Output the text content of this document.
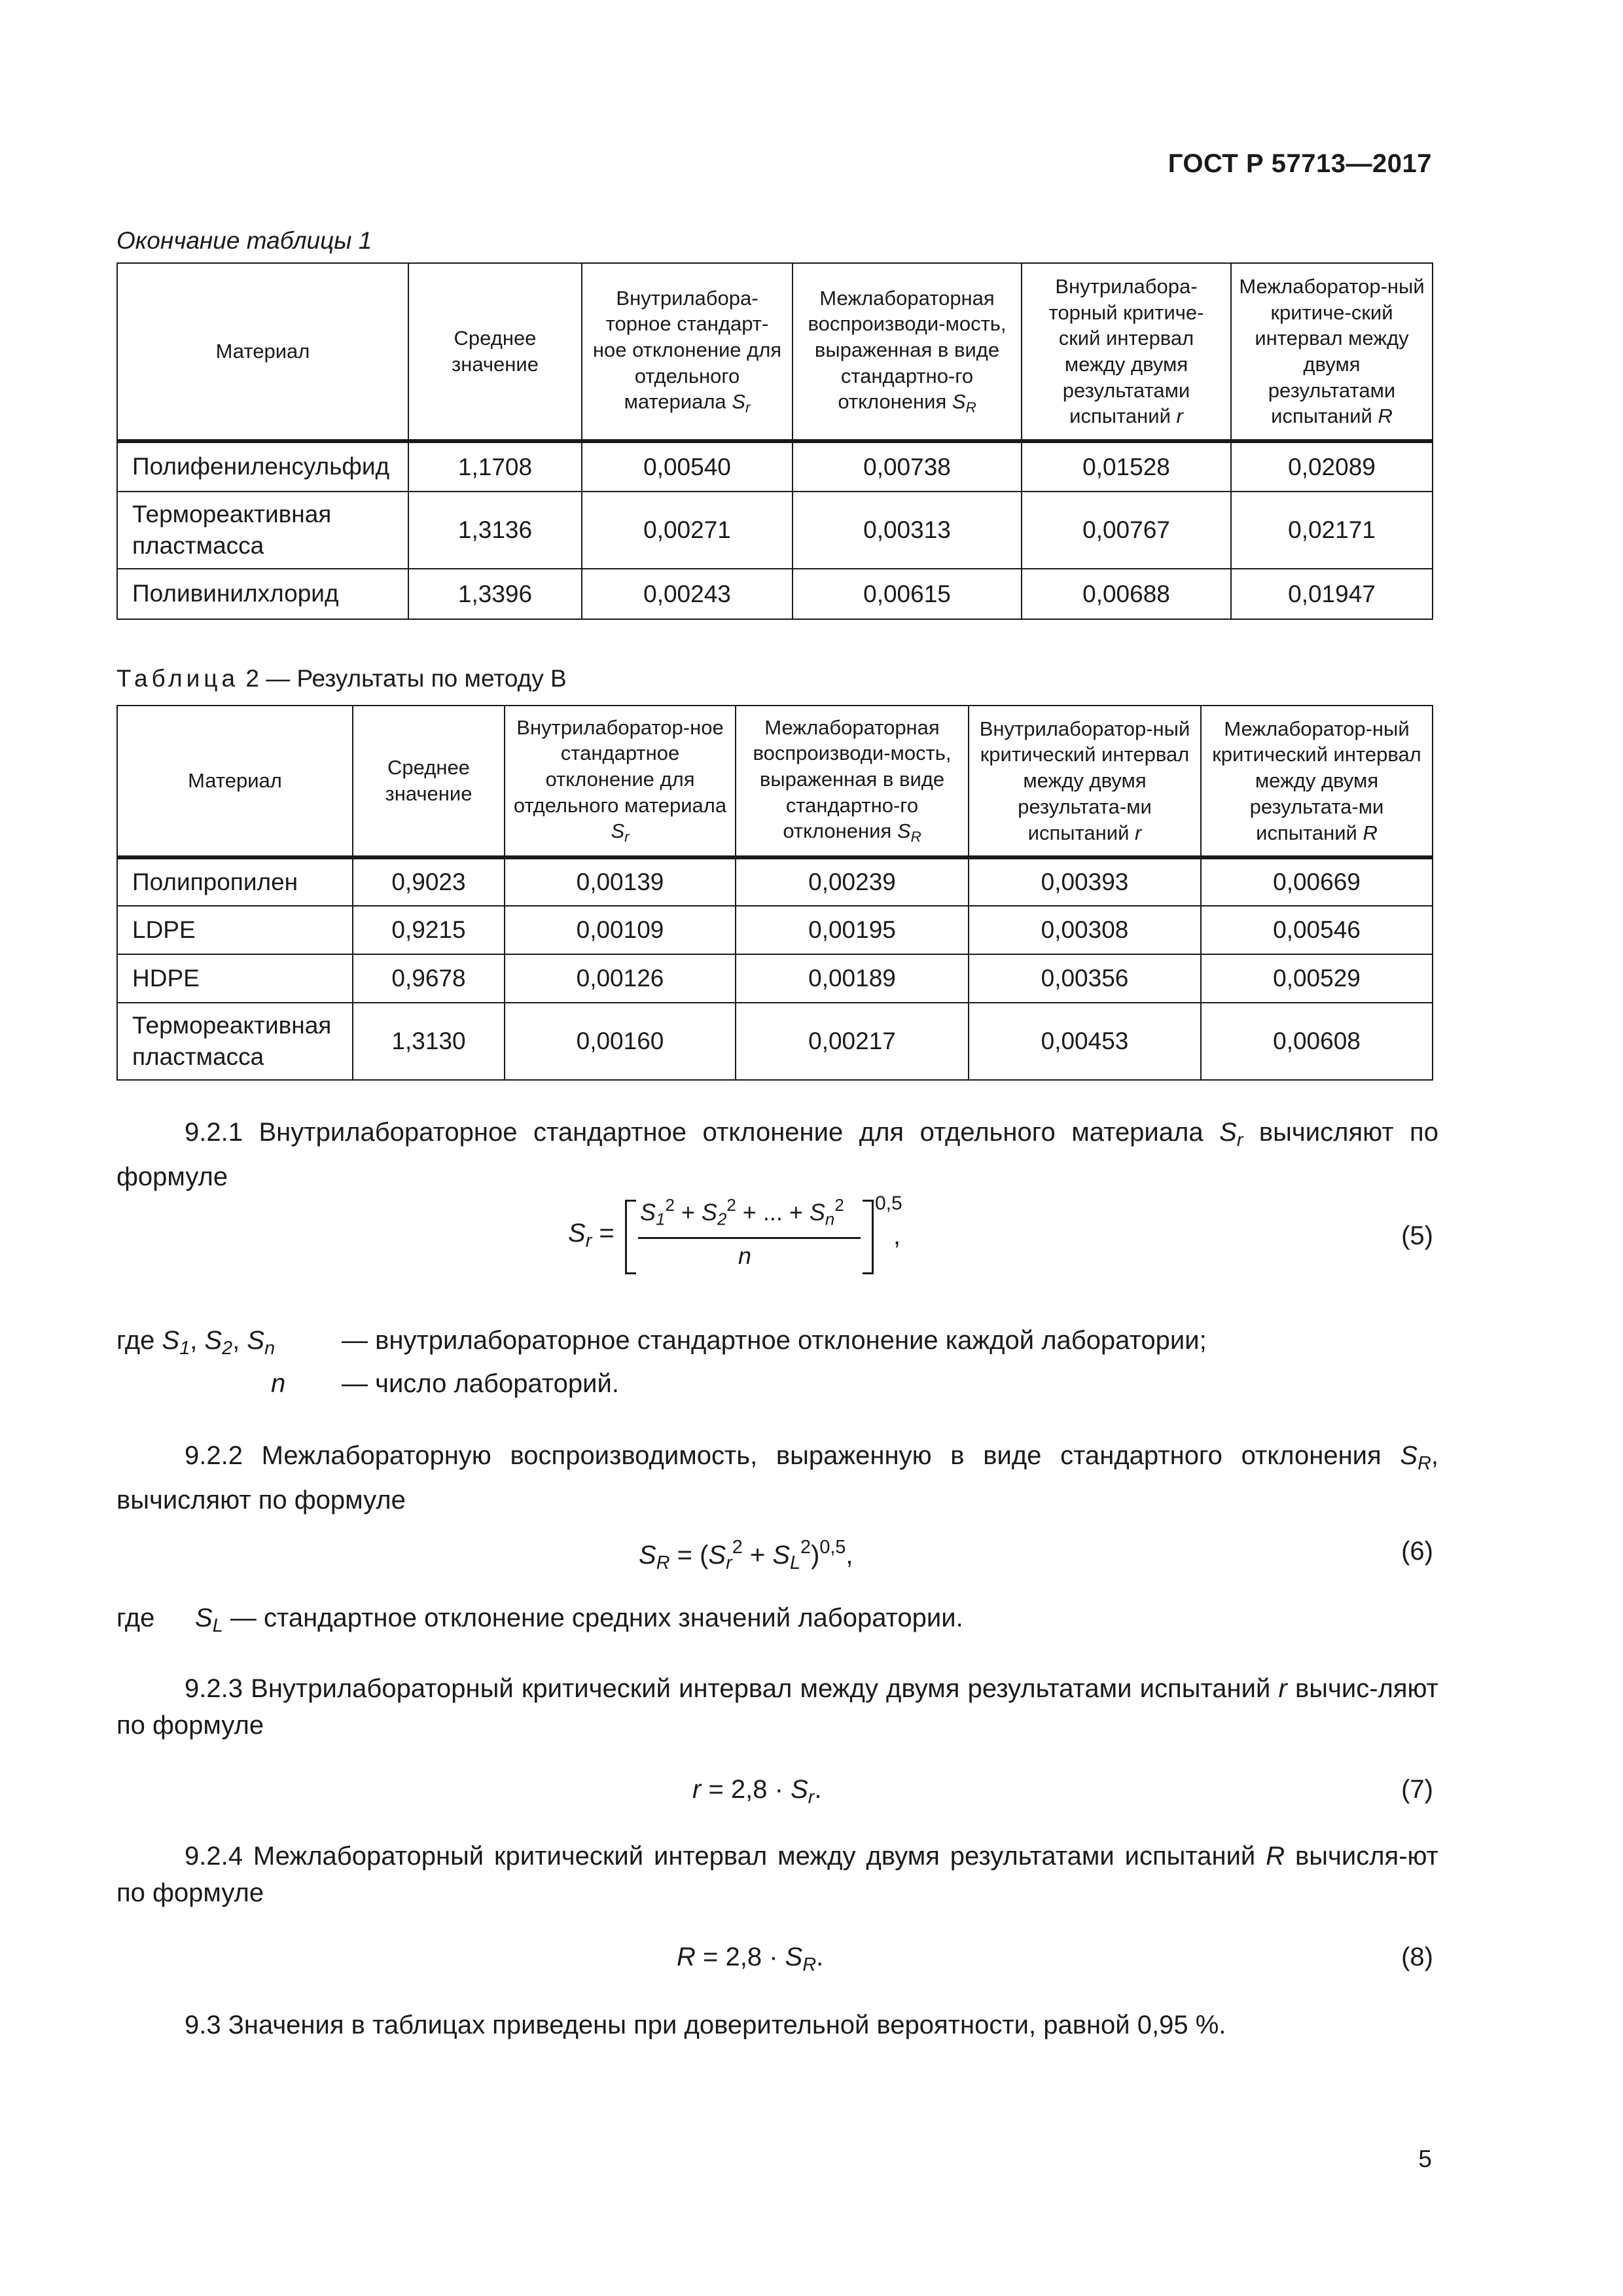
ГОСТ Р 57713—2017
Окончание таблицы 1
Материал	Среднее значение	Внутрилабора-торное стандарт-ное отклонение для отдельного материала $S_r$	Межлабораторная воспроизводи-мость, выраженная в виде стандартно-го отклонения $S_R$	Внутрилабора-торный критиче-ский интервал между двумя результатами испытаний r	Межлаборатор-ный критиче-ский интервал между двумя результатами испытаний R
Полифениленсульфид	1,1708	0,00540	0,00738	0,01528	0,02089
Термореактивная пластмасса	1,3136	0,00271	0,00313	0,00767	0,02171
Поливинилхлорид	1,3396	0,00243	0,00615	0,00688	0,01947
Таблица 2 — Результаты по методу В
Материал	Среднее значение	Внутрилаборатор-ное стандартное отклонение для отдельного материала $S_r$	Межлабораторная воспроизводи-мость, выраженная в виде стандартно-го отклонения $S_R$	Внутрилаборатор-ный критический интервал между двумя результата-ми испытаний r	Межлаборатор-ный критический интервал между двумя результата-ми испытаний R
Полипропилен	0,9023	0,00139	0,00239	0,00393	0,00669
LDPE	0,9215	0,00109	0,00195	0,00308	0,00546
HDPE	0,9678	0,00126	0,00189	0,00356	0,00529
Термореактивная пластмасса	1,3130	0,00160	0,00217	0,00453	0,00608
9.2.1 Внутрилабораторное стандартное отклонение для отдельного материала $S_r$ вычисляют по формуле
$S_r$ =
$S_1^2 + S_2^2$ + ... + $S_n^2$
n
0,5
,	(5)
где $S_1$, $S_2$, $S_n$	— внутрилабораторное стандартное отклонение каждой лаборатории;
n — число лабораторий.
9.2.2 Межлабораторную воспроизводимость, выраженную в виде стандартного отклонения $S_R$, вычисляют по формуле
$S_R = (S_r^2 + S_L^2)^{0,5}$,	(6)
где $S_L$ — стандартное отклонение средних значений лаборатории.
9.2.3 Внутрилабораторный критический интервал между двумя результатами испытаний r вычис-ляют по формуле
$r = 2,8 \cdot S_r$.	(7)
9.2.4 Межлабораторный критический интервал между двумя результатами испытаний R вычисля-ют по формуле
$R = 2,8 \cdot S_R$.	(8)
9.3 Значения в таблицах приведены при доверительной вероятности, равной 0,95 %.
5
